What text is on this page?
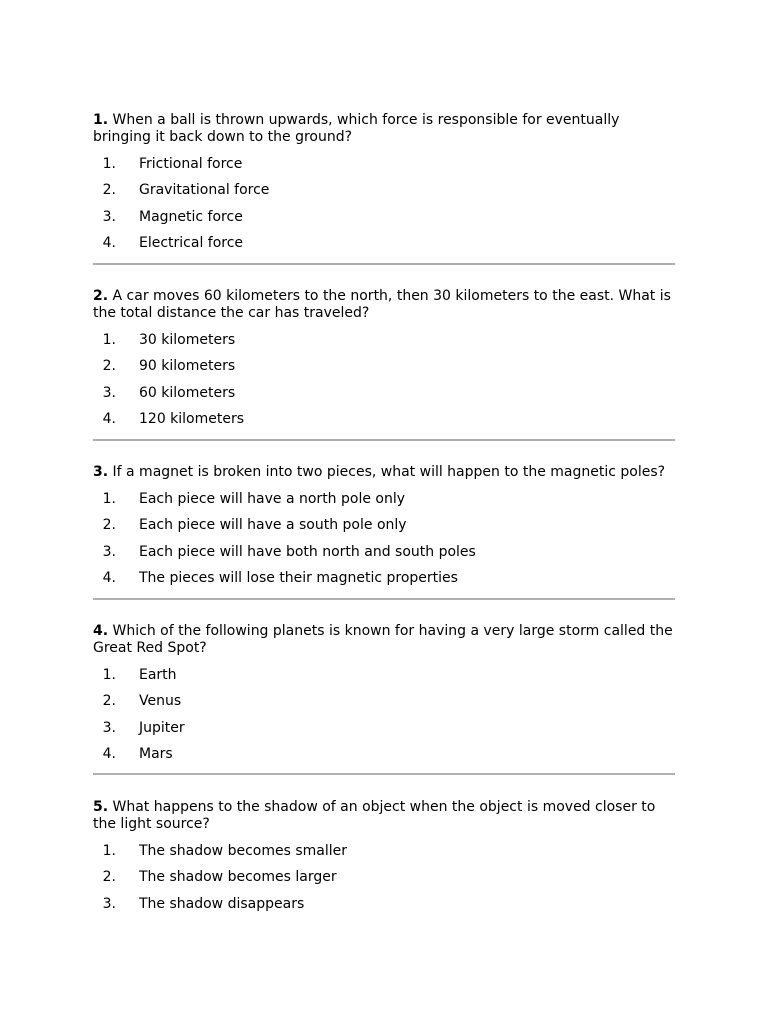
1. When a ball is thrown upwards, which force is responsible for eventually bringing it back down to the ground?

1. Frictional force
2. Gravitational force
3. Magnetic force
4. Electrical force

2. A car moves 60 kilometers to the north, then 30 kilometers to the east. What is the total distance the car has traveled?

1. 30 kilometers
2. 90 kilometers
3. 60 kilometers
4. 120 kilometers

3. If a magnet is broken into two pieces, what will happen to the magnetic poles?

1. Each piece will have a north pole only
2. Each piece will have a south pole only
3. Each piece will have both north and south poles
4. The pieces will lose their magnetic properties

4. Which of the following planets is known for having a very large storm called the Great Red Spot?

1. Earth
2. Venus
3. Jupiter
4. Mars

5. What happens to the shadow of an object when the object is moved closer to the light source?

1. The shadow becomes smaller
2. The shadow becomes larger
3. The shadow disappears
